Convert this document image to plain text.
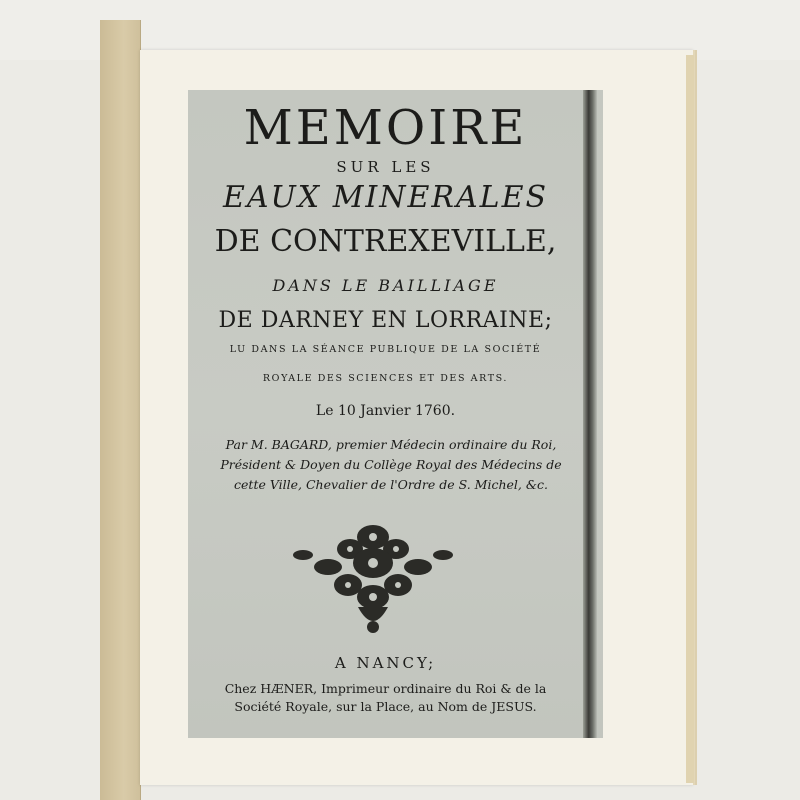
MEMOIRE
SUR LES
EAUX MINERALES
DE CONTREXEVILLE,
DANS LE BAILLIAGE
DE DARNEY EN LORRAINE;
LU DANS LA SÉANCE PUBLIQUE DE LA SOCIÉTÉ
ROYALE DES SCIENCES ET DES ARTS.
Le 10 Janvier 1760.
Par M. BAGARD, premier Médecin ordinaire du Roi,
Président & Doyen du Collège Royal des Médecins de
cette Ville, Chevalier de l'Ordre de S. Michel, &c.
A NANCY;
Chez HÆNER, Imprimeur ordinaire du Roi & de la
Société Royale, sur la Place, au Nom de JESUS.
